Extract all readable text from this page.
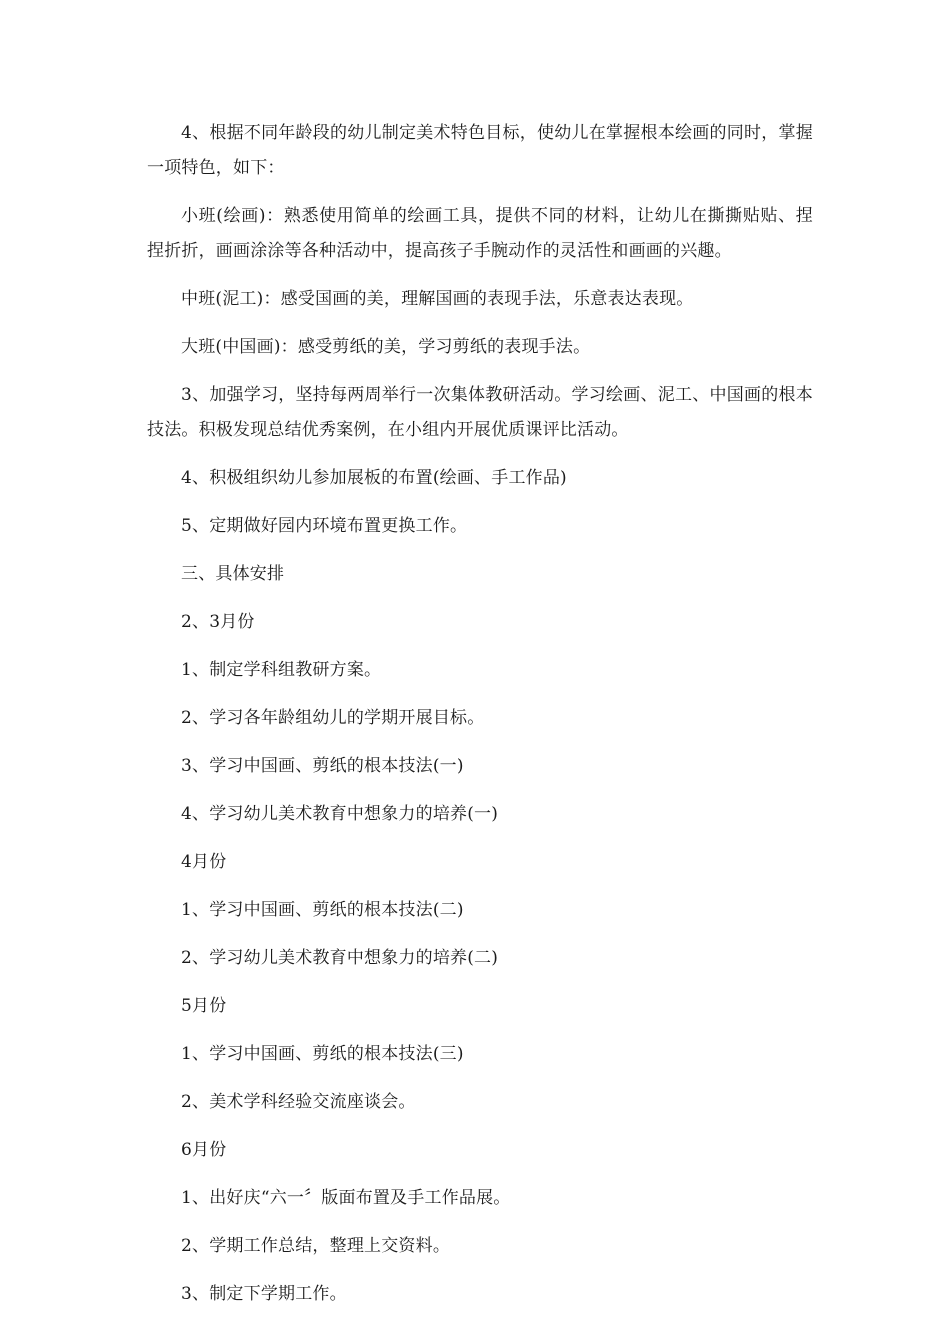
4、根据不同年龄段的幼儿制定美术特色目标，使幼儿在掌握根本绘画的同时，掌握一项特色，如下：

小班(绘画)：熟悉使用简单的绘画工具，提供不同的材料，让幼儿在撕撕贴贴、捏捏折折，画画涂涂等各种活动中，提高孩子手腕动作的灵活性和画画的兴趣。

中班(泥工)：感受国画的美，理解国画的表现手法，乐意表达表现。

大班(中国画)：感受剪纸的美，学习剪纸的表现手法。

3、加强学习，坚持每两周举行一次集体教研活动。学习绘画、泥工、中国画的根本技法。积极发现总结优秀案例，在小组内开展优质课评比活动。

4、积极组织幼儿参加展板的布置(绘画、手工作品)

5、定期做好园内环境布置更换工作。

三、具体安排

2、3月份

1、制定学科组教研方案。

2、学习各年龄组幼儿的学期开展目标。

3、学习中国画、剪纸的根本技法(一)

4、学习幼儿美术教育中想象力的培养(一)

4月份

1、学习中国画、剪纸的根本技法(二)

2、学习幼儿美术教育中想象力的培养(二)

5月份

1、学习中国画、剪纸的根本技法(三)

2、美术学科经验交流座谈会。

6月份

1、出好庆“六一〞版面布置及手工作品展。

2、学期工作总结，整理上交资料。

3、制定下学期工作。
